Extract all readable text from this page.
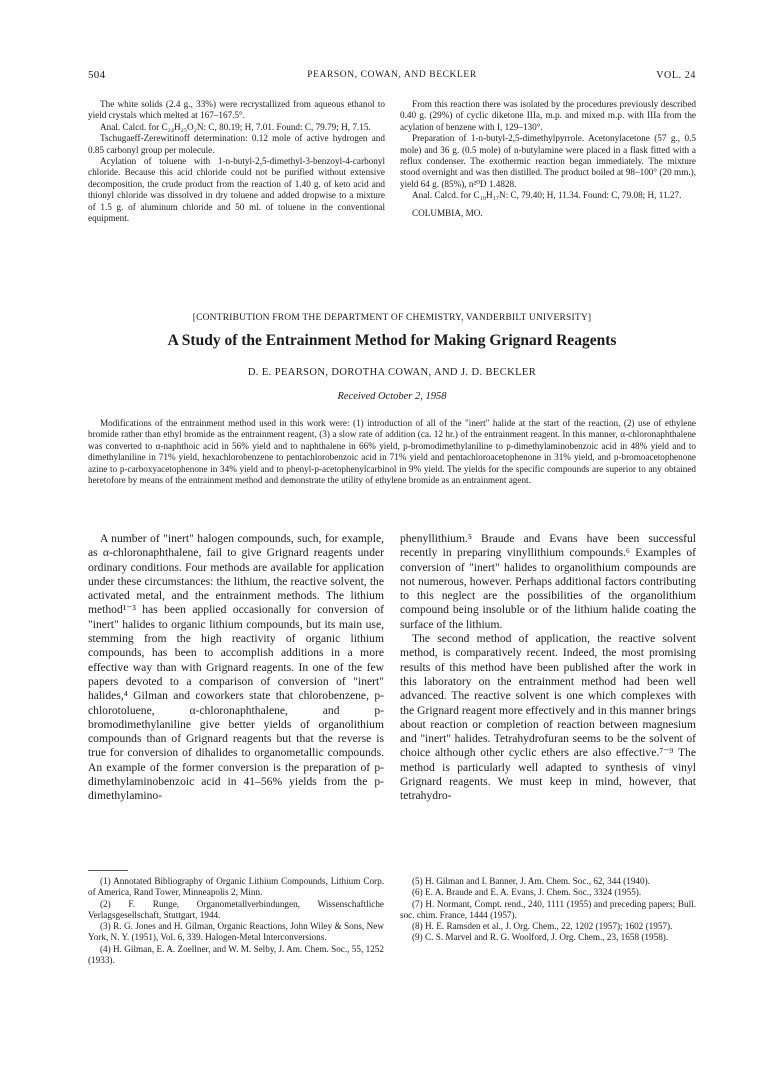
504	PEARSON, COWAN, AND BECKLER	VOL. 24

The white solids (2.4 g., 33%) were recrystallized from aqueous ethanol to yield crystals which melted at 167–167.5°.

Anal. Calcd. for C₂₄H₂₅O₂N: C, 80.19; H, 7.01. Found: C, 79.79; H, 7.15.

Tschugaeff-Zerewitinoff determination: 0.12 mole of active hydrogen and 0.85 carbonyl group per molecule.

Acylation of toluene with 1-n-butyl-2,5-dimethyl-3-benzoyl-4-carbonyl chloride. Because this acid chloride could not be purified without extensive decomposition, the crude product from the reaction of 1.40 g. of keto acid and thionyl chloride was dissolved in dry toluene and added dropwise to a mixture of 1.5 g. of aluminum chloride and 50 ml. of toluene in the conventional equipment.

From this reaction there was isolated by the procedures previously described 0.40 g. (29%) of cyclic diketone IIIa, m.p. and mixed m.p. with IIIa from the acylation of benzene with I, 129–130°.

Preparation of 1-n-butyl-2,5-dimethylpyrrole. Acetonylacetone (57 g., 0.5 mole) and 36 g. (0.5 mole) of n-butylamine were placed in a flask fitted with a reflux condenser. The exothermic reaction began immediately. The mixture stood overnight and was then distilled. The product boiled at 98–100° (20 mm.), yield 64 g. (85%), n²⁰D 1.4828.

Anal. Calcd. for C₁₀H₁₇N: C, 79.40; H, 11.34. Found: C, 79.08; H, 11.27.

COLUMBIA, MO.

[CONTRIBUTION FROM THE DEPARTMENT OF CHEMISTRY, VANDERBILT UNIVERSITY]
A Study of the Entrainment Method for Making Grignard Reagents
D. E. PEARSON, DOROTHA COWAN, AND J. D. BECKLER
Received October 2, 1958
Modifications of the entrainment method used in this work were: (1) introduction of all of the "inert" halide at the start of the reaction, (2) use of ethylene bromide rather than ethyl bromide as the entrainment reagent, (3) a slow rate of addition (ca. 12 hr.) of the entrainment reagent. In this manner, α-chloronaphthalene was converted to α-naphthoic acid in 56% yield and to naphthalene in 66% yield, p-bromodimethylaniline to p-dimethylaminobenzoic acid in 48% yield and to dimethylaniline in 71% yield, hexachlorobenzene to pentachlorobenzoic acid in 71% yield and pentachloroacetophenone in 31% yield, and p-bromoacetophenone azine to p-carboxyacetophenone in 34% yield and to phenyl-p-acetophenylcarbinol in 9% yield. The yields for the specific compounds are superior to any obtained heretofore by means of the entrainment method and demonstrate the utility of ethylene bromide as an entrainment agent.

A number of "inert" halogen compounds, such, for example, as α-chloronaphthalene, fail to give Grignard reagents under ordinary conditions. Four methods are available for application under these circumstances: the lithium, the reactive solvent, the activated metal, and the entrainment methods. The lithium method¹⁻³ has been applied occasionally for conversion of "inert" halides to organic lithium compounds, but its main use, stemming from the high reactivity of organic lithium compounds, has been to accomplish additions in a more effective way than with Grignard reagents. In one of the few papers devoted to a comparison of conversion of "inert" halides,⁴ Gilman and coworkers state that chlorobenzene, p-chlorotoluene, α-chloronaphthalene, and p-bromodimethylaniline give better yields of organolithium compounds than of Grignard reagents but that the reverse is true for conversion of dihalides to organometallic compounds. An example of the former conversion is the preparation of p-dimethylaminobenzoic acid in 41–56% yields from the p-dimethylamino-

phenyllithium.⁵ Braude and Evans have been successful recently in preparing vinyllithium compounds.⁶ Examples of conversion of "inert" halides to organolithium compounds are not numerous, however. Perhaps additional factors contributing to this neglect are the possibilities of the organolithium compound being insoluble or of the lithium halide coating the surface of the lithium.

The second method of application, the reactive solvent method, is comparatively recent. Indeed, the most promising results of this method have been published after the work in this laboratory on the entrainment method had been well advanced. The reactive solvent is one which complexes with the Grignard reagent more effectively and in this manner brings about reaction or completion of reaction between magnesium and "inert" halides. Tetrahydrofuran seems to be the solvent of choice although other cyclic ethers are also effective.⁷⁻⁹ The method is particularly well adapted to synthesis of vinyl Grignard reagents. We must keep in mind, however, that tetrahydro-

(1) Annotated Bibliography of Organic Lithium Compounds, Lithium Corp. of America, Rand Tower, Minneapolis 2, Minn.

(2) F. Runge, Organometallverbindungen, Wissenschaftliche Verlagsgesellschaft, Stuttgart, 1944.

(3) R. G. Jones and H. Gilman, Organic Reactions, John Wiley & Sons, New York, N. Y. (1951), Vol. 6, 339. Halogen-Metal Interconversions.

(4) H. Gilman, E. A. Zoellner, and W. M. Selby, J. Am. Chem. Soc., 55, 1252 (1933).

(5) H. Gilman and I. Banner, J. Am. Chem. Soc., 62, 344 (1940).

(6) E. A. Braude and E. A. Evans, J. Chem. Soc., 3324 (1955).

(7) H. Normant, Compt. rend., 240, 1111 (1955) and preceding papers; Bull. soc. chim. France, 1444 (1957).

(8) H. E. Ramsden et al., J. Org. Chem., 22, 1202 (1957); 1602 (1957).

(9) C. S. Marvel and R. G. Woolford, J. Org. Chem., 23, 1658 (1958).
